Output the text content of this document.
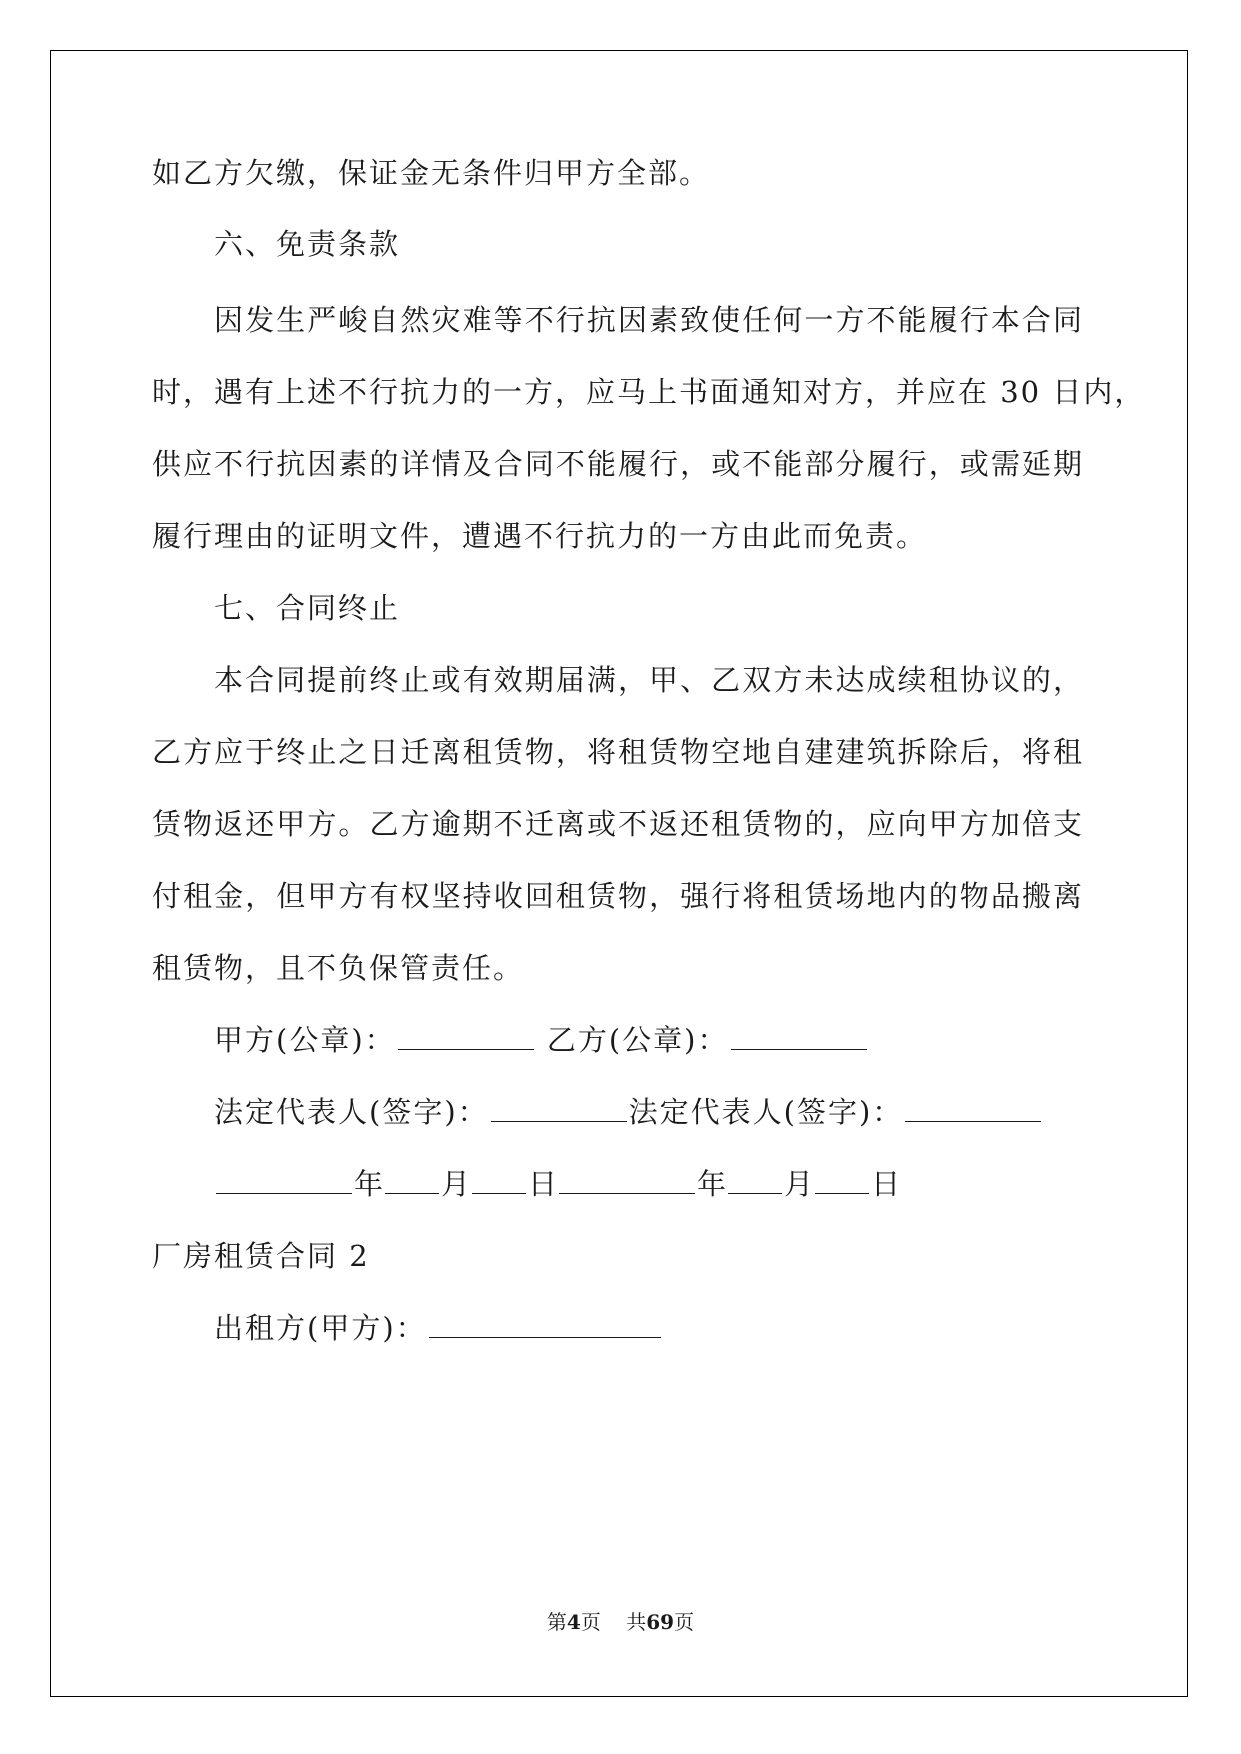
如乙方欠缴，保证金无条件归甲方全部。
六、免责条款
因发生严峻自然灾难等不行抗因素致使任何一方不能履行本合同
时，遇有上述不行抗力的一方，应马上书面通知对方，并应在 30 日内，
供应不行抗因素的详情及合同不能履行，或不能部分履行，或需延期
履行理由的证明文件，遭遇不行抗力的一方由此而免责。
七、合同终止
本合同提前终止或有效期届满，甲、乙双方未达成续租协议的，
乙方应于终止之日迁离租赁物，将租赁物空地自建建筑拆除后，将租
赁物返还甲方。乙方逾期不迁离或不返还租赁物的，应向甲方加倍支
付租金，但甲方有权坚持收回租赁物，强行将租赁场地内的物品搬离
租赁物，且不负保管责任。
甲方(公章)：	乙方(公章)：
法定代表人(签字)：	法定代表人(签字)：
年 月 日	年 月 日
厂房租赁合同 2
出租方(甲方)：
第4页 共69页
